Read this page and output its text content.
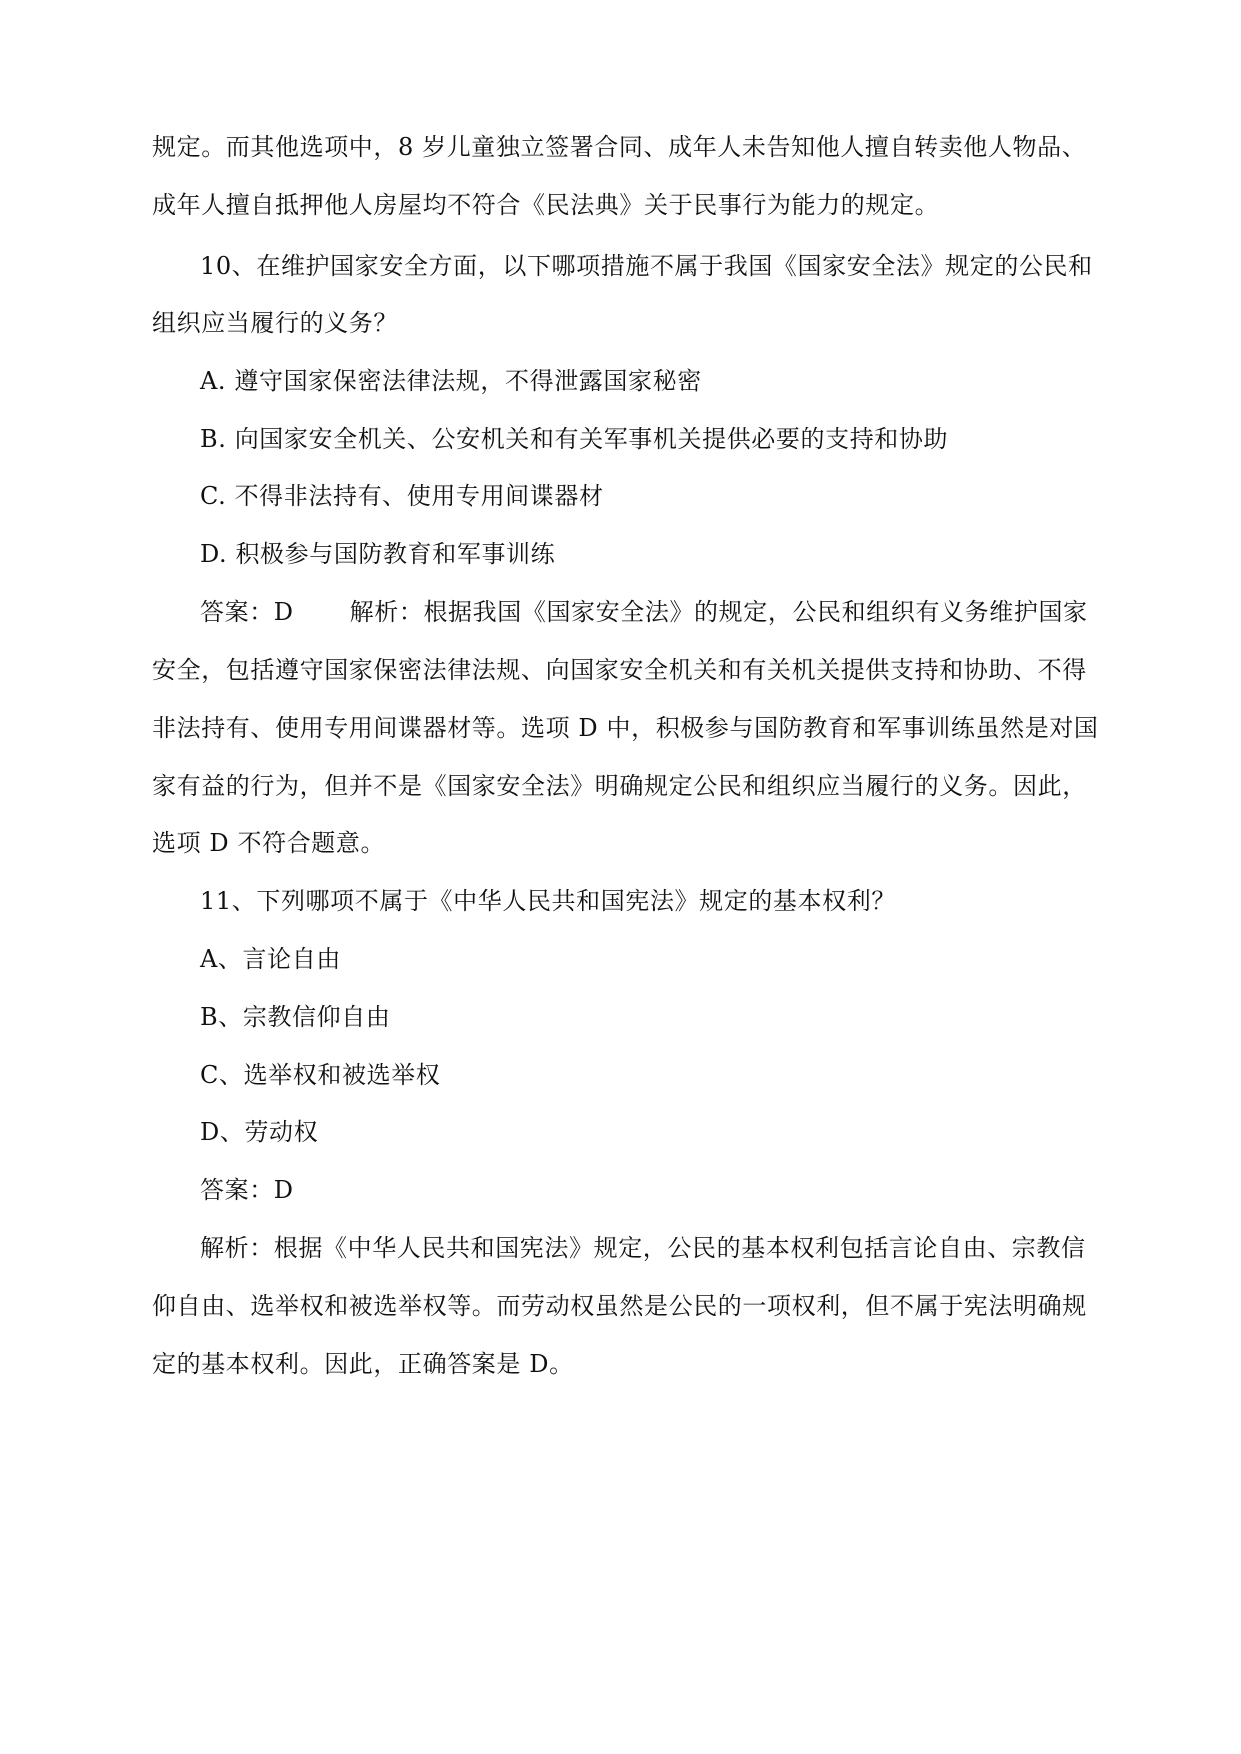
规定。而其他选项中，8 岁儿童独立签署合同、成年人未告知他人擅自转卖他人物品、
成年人擅自抵押他人房屋均不符合《民法典》关于民事行为能力的规定。
10、在维护国家安全方面，以下哪项措施不属于我国《国家安全法》规定的公民和
组织应当履行的义务？
A. 遵守国家保密法律法规，不得泄露国家秘密
B. 向国家安全机关、公安机关和有关军事机关提供必要的支持和协助
C. 不得非法持有、使用专用间谍器材
D. 积极参与国防教育和军事训练
答案：D 解析：根据我国《国家安全法》的规定，公民和组织有义务维护国家
安全，包括遵守国家保密法律法规、向国家安全机关和有关机关提供支持和协助、不得
非法持有、使用专用间谍器材等。选项 D 中，积极参与国防教育和军事训练虽然是对国
家有益的行为，但并不是《国家安全法》明确规定公民和组织应当履行的义务。因此，
选项 D 不符合题意。
11、下列哪项不属于《中华人民共和国宪法》规定的基本权利？
A、言论自由
B、宗教信仰自由
C、选举权和被选举权
D、劳动权
答案：D
解析：根据《中华人民共和国宪法》规定，公民的基本权利包括言论自由、宗教信
仰自由、选举权和被选举权等。而劳动权虽然是公民的一项权利，但不属于宪法明确规
定的基本权利。因此，正确答案是 D。
